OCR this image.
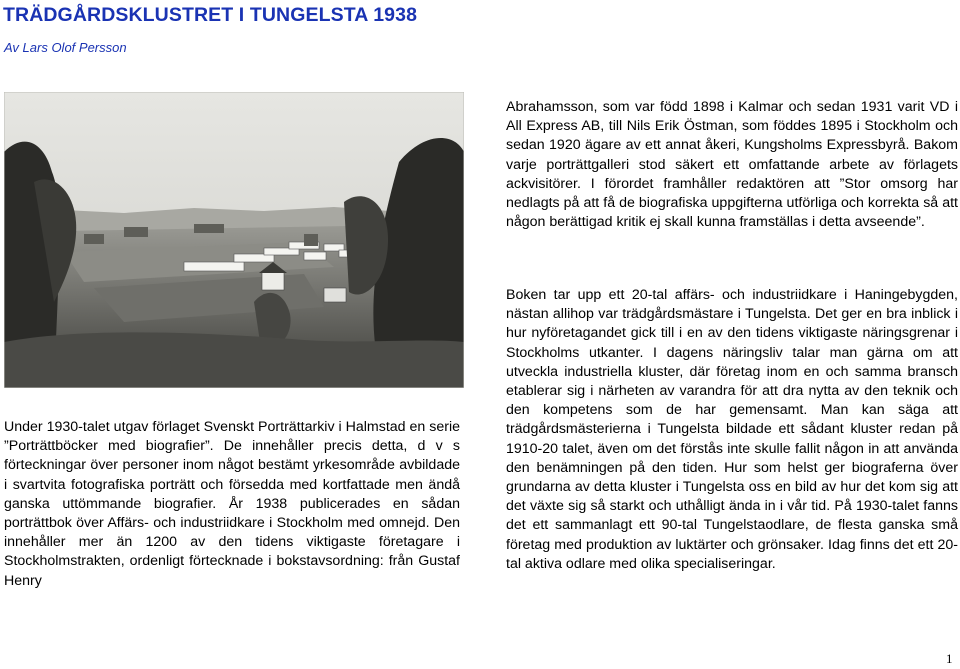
TRÄDGÅRDSKLUSTRET I TUNGELSTA 1938
Av Lars Olof Persson

Under 1930-talet utgav förlaget Svenskt Porträttarkiv i Halmstad en serie ”Porträttböcker med biografier”. De innehåller precis detta, d v s förteckningar över personer inom något bestämt yrkesområde avbildade i svartvita fotografiska porträtt och försedda med kortfattade men ändå ganska uttömmande biografier. År 1938 publicerades en sådan porträttbok över Affärs- och industriidkare i Stockholm med omnejd. Den innehåller mer än 1200 av den tidens viktigaste företagare i Stockholmstrakten, ordenligt förtecknade i bokstavsordning: från Gustaf Henry

Abrahamsson, som var född 1898 i Kalmar och sedan 1931 varit VD i All Express AB, till Nils Erik Östman, som föddes 1895 i Stockholm och sedan 1920 ägare av ett annat åkeri, Kungsholms Expressbyrå. Bakom varje porträttgalleri stod säkert ett omfattande arbete av förlagets ackvisitörer. I förordet framhåller redaktören att ”Stor omsorg har nedlagts på att få de biografiska uppgifterna utförliga och korrekta så att någon berättigad kritik ej skall kunna framställas i detta avseende”.

Boken tar upp ett 20-tal affärs- och industriidkare i Haningebygden, nästan allihop var trädgårdsmästare i Tungelsta. Det ger en bra inblick i hur nyföretagandet gick till i en av den tidens viktigaste näringsgrenar i Stockholms utkanter. I dagens näringsliv talar man gärna om att utveckla industriella kluster, där företag inom en och samma bransch etablerar sig i närheten av varandra för att dra nytta av den teknik och den kompetens som de har gemensamt. Man kan säga att trädgårdsmästerierna i Tungelsta bildade ett sådant kluster redan på 1910-20 talet, även om det förstås inte skulle fallit någon in att använda den benämningen på den tiden. Hur som helst ger biograferna över grundarna av detta kluster i Tungelsta oss en bild av hur det kom sig att det växte sig så starkt och uthålligt ända in i vår tid. På 1930-talet fanns det ett sammanlagt ett 90-tal Tungelstaodlare, de flesta ganska små företag med produktion av luktärter och grönsaker. Idag finns det ett 20-tal aktiva odlare med olika specialiseringar.

1
